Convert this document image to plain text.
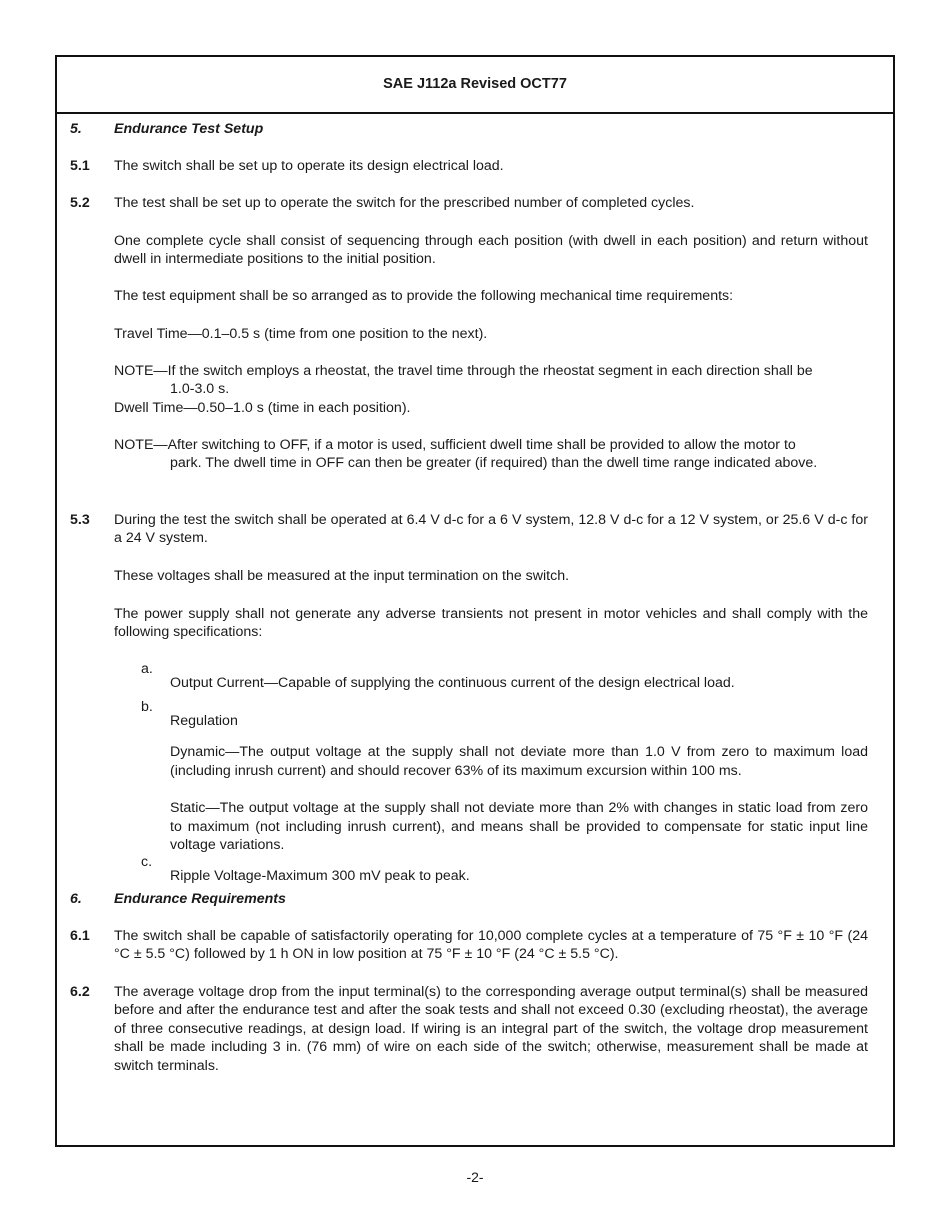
SAE J112a Revised OCT77
5. Endurance Test Setup
5.1 The switch shall be set up to operate its design electrical load.

5.2 The test shall be set up to operate the switch for the prescribed number of completed cycles.

One complete cycle shall consist of sequencing through each position (with dwell in each position) and return without dwell in intermediate positions to the initial position.

The test equipment shall be so arranged as to provide the following mechanical time requirements:

Travel Time—0.1–0.5 s (time from one position to the next).

NOTE—If the switch employs a rheostat, the travel time through the rheostat segment in each direction shall be
1.0-3.0 s.

Dwell Time—0.50–1.0 s (time in each position).

NOTE—After switching to OFF, if a motor is used, sufficient dwell time shall be provided to allow the motor to
park. The dwell time in OFF can then be greater (if required) than the dwell time range indicated above.
5.3 During the test the switch shall be operated at 6.4 V d-c for a 6 V system, 12.8 V d-c for a 12 V system, or 25.6 V d-c for a 24 V system.

These voltages shall be measured at the input termination on the switch.

The power supply shall not generate any adverse transients not present in motor vehicles and shall comply with the following specifications:

a.

Output Current—Capable of supplying the continuous current of the design electrical load.

b.

Regulation

Dynamic—The output voltage at the supply shall not deviate more than 1.0 V from zero to maximum load (including inrush current) and should recover 63% of its maximum excursion within 100 ms.

Static—The output voltage at the supply shall not deviate more than 2% with changes in static load from zero to maximum (not including inrush current), and means shall be provided to compensate for static input line voltage variations.

c.

Ripple Voltage-Maximum 300 mV peak to peak.

6. Endurance Requirements
6.1 The switch shall be capable of satisfactorily operating for 10,000 complete cycles at a temperature of 75 °F ± 10 °F (24 °C ± 5.5 °C) followed by 1 h ON in low position at 75 °F ± 10 °F (24 °C ± 5.5 °C).

6.2 The average voltage drop from the input terminal(s) to the corresponding average output terminal(s) shall be measured before and after the endurance test and after the soak tests and shall not exceed 0.30 (excluding rheostat), the average of three consecutive readings, at design load. If wiring is an integral part of the switch, the voltage drop measurement shall be made including 3 in. (76 mm) of wire on each side of the switch; otherwise, measurement shall be made at switch terminals.

-2-
